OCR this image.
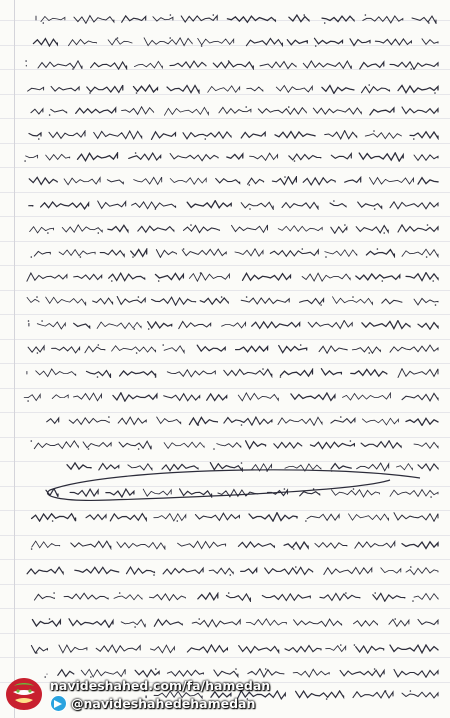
navideshahed.com/fa/hamedan
@navideshahedehamedan
